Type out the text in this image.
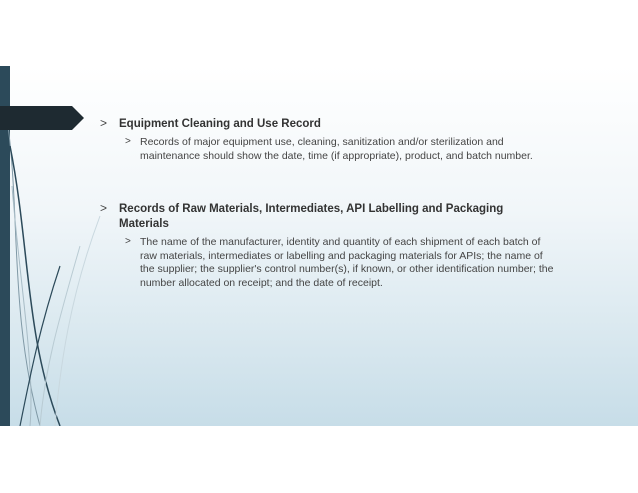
> Equipment Cleaning and Use Record
> Records of major equipment use, cleaning, sanitization and/or sterilization and maintenance should show the date, time (if appropriate), product, and batch number.
> Records of Raw Materials, Intermediates, API Labelling and Packaging Materials
> The name of the manufacturer, identity and quantity of each shipment of each batch of raw materials, intermediates or labelling and packaging materials for APIs; the name of the supplier; the supplier's control number(s), if known, or other identification number; the number allocated on receipt; and the date of receipt.
